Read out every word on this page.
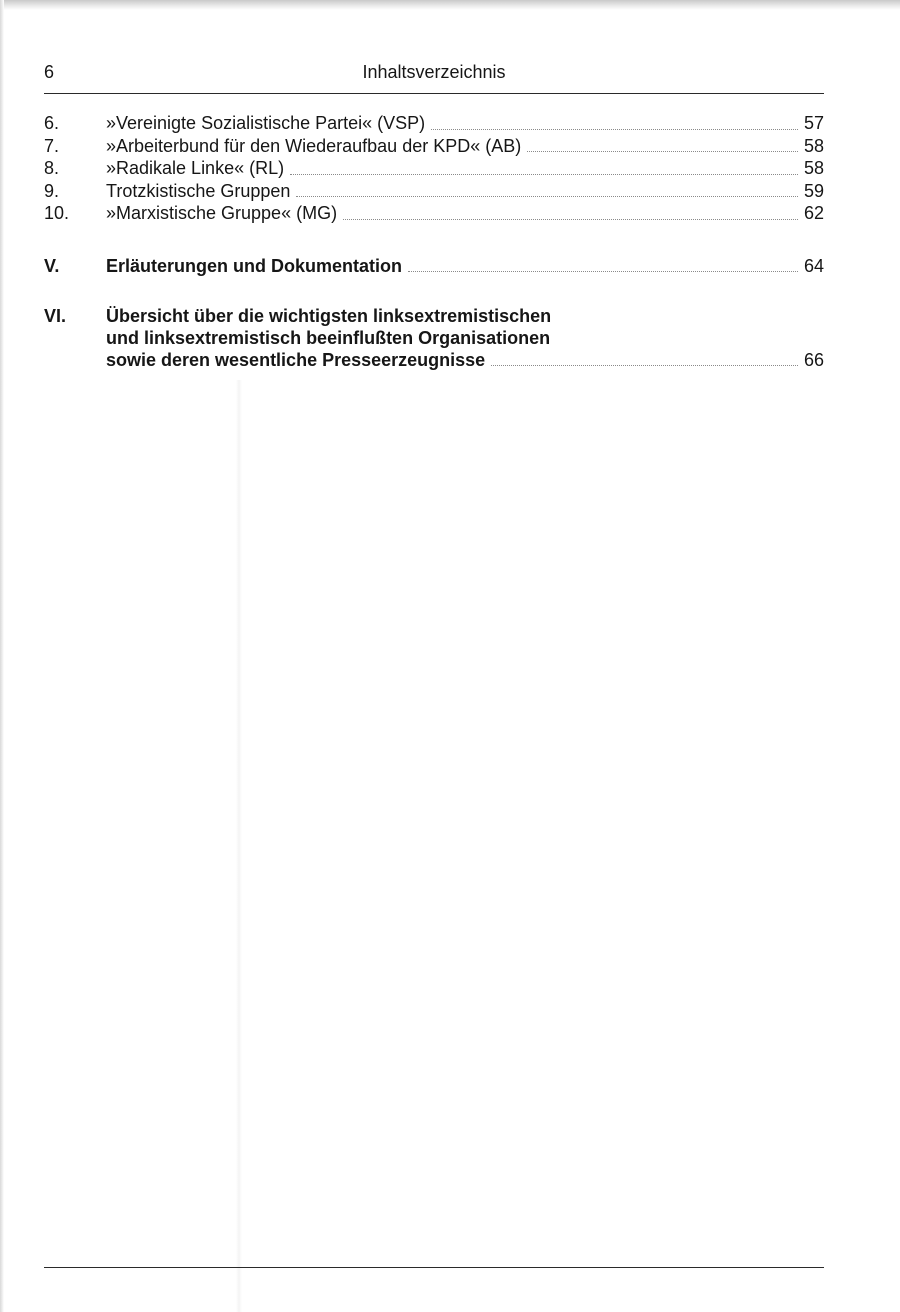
6	Inhaltsverzeichnis
6.	»Vereinigte Sozialistische Partei« (VSP)	57
7.	»Arbeiterbund für den Wiederaufbau der KPD« (AB)	58
8.	»Radikale Linke« (RL)	58
9.	Trotzkistische Gruppen	59
10.	»Marxistische Gruppe« (MG)	62
V.	Erläuterungen und Dokumentation	64
VI.	Übersicht über die wichtigsten linksextremistischen
und linksextremistisch beeinflußten Organisationen
sowie deren wesentliche Presseerzeugnisse	66
